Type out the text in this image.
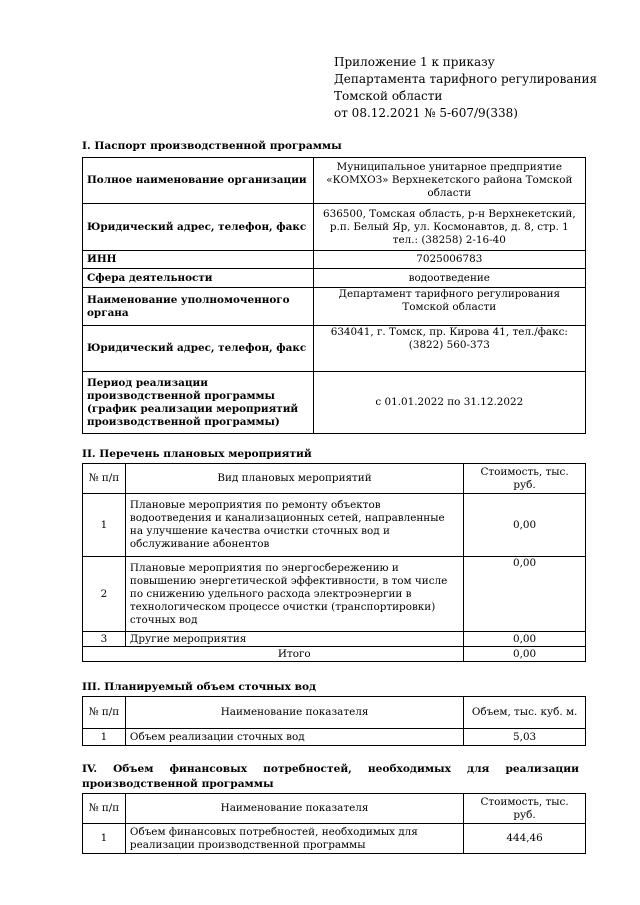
Приложение 1 к приказу
Департамента тарифного регулирования
Томской области
от 08.12.2021 № 5-607/9(338)
I. Паспорт производственной программы
Полное наименование организации	Муниципальное унитарное предприятие «КОМХОЗ» Верхнекетского района Томской области
Юридический адрес, телефон, факс	636500, Томская область, р-н Верхнекетский, р.п. Белый Яр, ул. Космонавтов, д. 8, стр. 1 тел.: (38258) 2-16-40
ИНН	7025006783
Сфера деятельности	водоотведение
Наименование уполномоченного органа	Департамент тарифного регулирования Томской области
Юридический адрес, телефон, факс	634041, г. Томск, пр. Кирова 41, тел./факс: (3822) 560-373
Период реализации производственной программы (график реализации мероприятий производственной программы)	с 01.01.2022 по 31.12.2022
II. Перечень плановых мероприятий
№ п/п	Вид плановых мероприятий	Стоимость, тыс. руб.
1	Плановые мероприятия по ремонту объектов водоотведения и канализационных сетей, направленные на улучшение качества очистки сточных вод и обслуживание абонентов	0,00
2	Плановые мероприятия по энергосбережению и повышению энергетической эффективности, в том числе по снижению удельного расхода электроэнергии в технологическом процессе очистки (транспортировки) сточных вод	0,00
3	Другие мероприятия	0,00
	Итого	0,00
III. Планируемый объем сточных вод
№ п/п	Наименование показателя	Объем, тыс. куб. м.
1	Объем реализации сточных вод	5,03
IV. Объем финансовых потребностей, необходимых для реализации
производственной программы
№ п/п	Наименование показателя	Стоимость, тыс. руб.
1	Объем финансовых потребностей, необходимых для реализации производственной программы	444,46
